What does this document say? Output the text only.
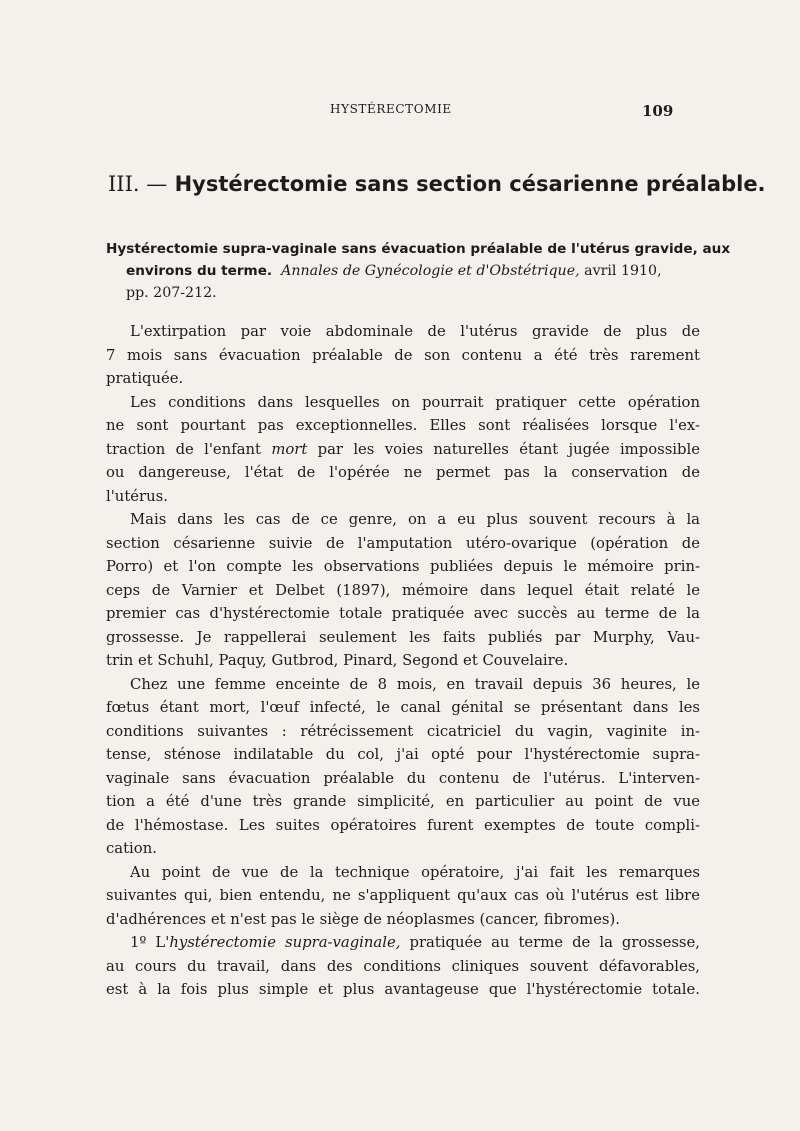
HYSTÉRECTOMIE	109
III. — Hystérectomie sans section césarienne préalable.
Hystérectomie supra-vaginale sans évacuation préalable de l'utérus gravide, aux
environs du terme. Annales de Gynécologie et d'Obstétrique, avril 1910,
pp. 207-212.
L'extirpation par voie abdominale de l'utérus gravide de plus de
7 mois sans évacuation préalable de son contenu a été très rarement
pratiquée.
Les conditions dans lesquelles on pourrait pratiquer cette opération
ne sont pourtant pas exceptionnelles. Elles sont réalisées lorsque l'ex-
traction de l'enfant mort par les voies naturelles étant jugée impossible
ou dangereuse, l'état de l'opérée ne permet pas la conservation de
l'utérus.
Mais dans les cas de ce genre, on a eu plus souvent recours à la
section césarienne suivie de l'amputation utéro-ovarique (opération de
Porro) et l'on compte les observations publiées depuis le mémoire prin-
ceps de Varnier et Delbet (1897), mémoire dans lequel était relaté le
premier cas d'hystérectomie totale pratiquée avec succès au terme de la
grossesse. Je rappellerai seulement les faits publiés par Murphy, Vau-
trin et Schuhl, Paquy, Gutbrod, Pinard, Segond et Couvelaire.
Chez une femme enceinte de 8 mois, en travail depuis 36 heures, le
fœtus étant mort, l'œuf infecté, le canal génital se présentant dans les
conditions suivantes : rétrécissement cicatriciel du vagin, vaginite in-
tense, sténose indilatable du col, j'ai opté pour l'hystérectomie supra-
vaginale sans évacuation préalable du contenu de l'utérus. L'interven-
tion a été d'une très grande simplicité, en particulier au point de vue
de l'hémostase. Les suites opératoires furent exemptes de toute compli-
cation.
Au point de vue de la technique opératoire, j'ai fait les remarques
suivantes qui, bien entendu, ne s'appliquent qu'aux cas où l'utérus est libre
d'adhérences et n'est pas le siège de néoplasmes (cancer, fibromes).
1º L'hystérectomie supra-vaginale, pratiquée au terme de la grossesse,
au cours du travail, dans des conditions cliniques souvent défavorables,
est à la fois plus simple et plus avantageuse que l'hystérectomie totale.
